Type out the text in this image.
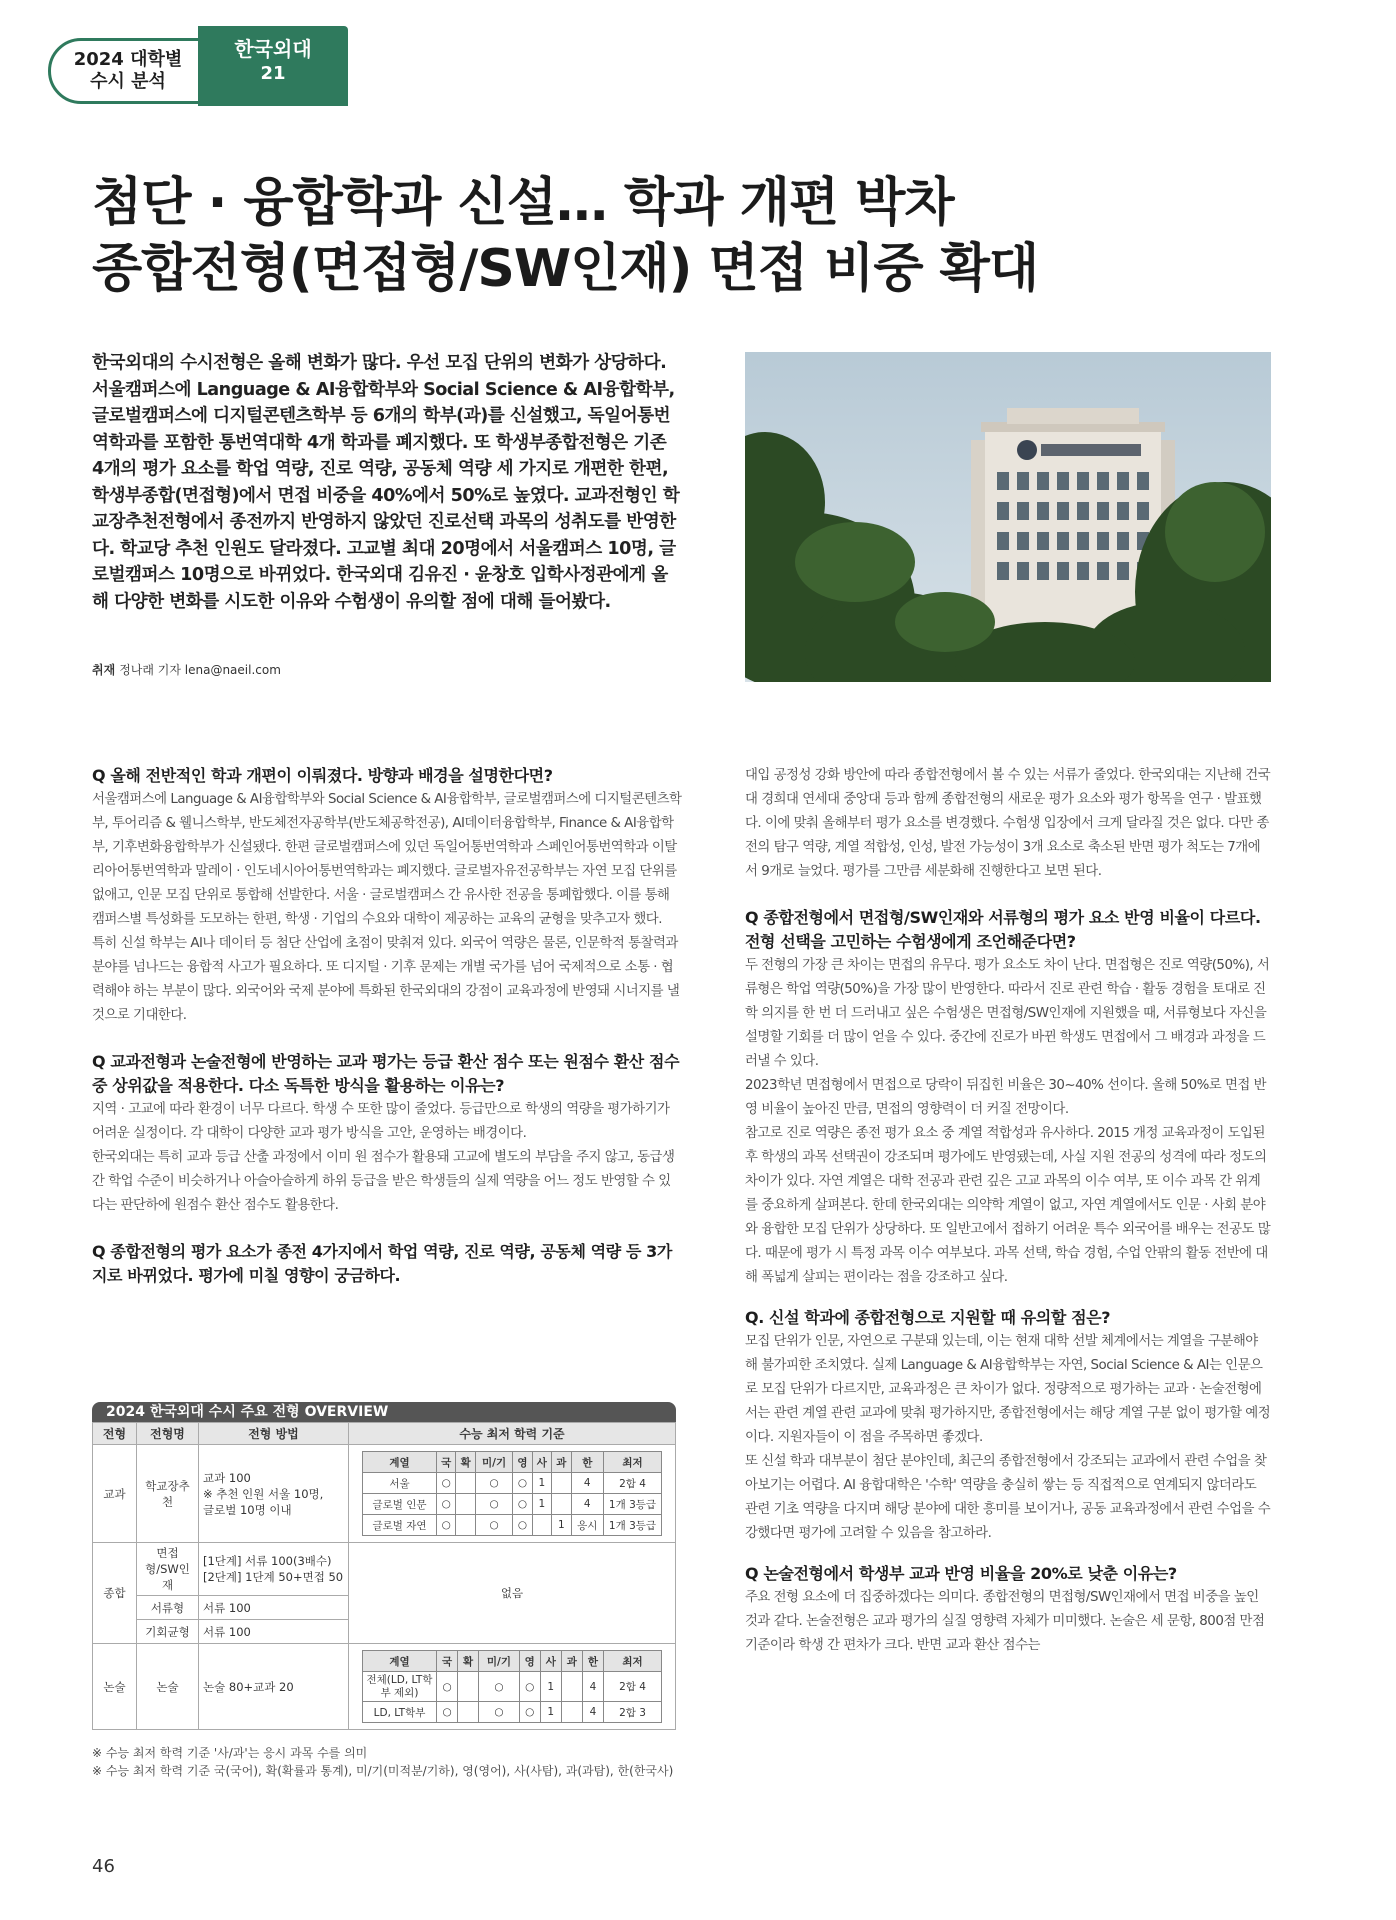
2024 대학별
수시 분석
한국외대
21
첨단 · 융합학과 신설… 학과 개편 박차
종합전형(면접형/SW인재) 면접 비중 확대

한국외대의 수시전형은 올해 변화가 많다. 우선 모집 단위의 변화가 상당하다. 서울캠퍼스에 Language & AI융합학부와 Social Science & AI융합학부, 글로벌캠퍼스에 디지털콘텐츠학부 등 6개의 학부(과)를 신설했고, 독일어통번역학과를 포함한 통번역대학 4개 학과를 폐지했다. 또 학생부종합전형은 기존 4개의 평가 요소를 학업 역량, 진로 역량, 공동체 역량 세 가지로 개편한 한편, 학생부종합(면접형)에서 면접 비중을 40%에서 50%로 높였다. 교과전형인 학교장추천전형에서 종전까지 반영하지 않았던 진로선택 과목의 성취도를 반영한다. 학교당 추천 인원도 달라졌다. 고교별 최대 20명에서 서울캠퍼스 10명, 글로벌캠퍼스 10명으로 바뀌었다. 한국외대 김유진 · 윤창호 입학사정관에게 올해 다양한 변화를 시도한 이유와 수험생이 유의할 점에 대해 들어봤다.

취재 정나래 기자 lena@naeil.com
Q 올해 전반적인 학과 개편이 이뤄졌다. 방향과 배경을 설명한다면?
서울캠퍼스에 Language & AI융합학부와 Social Science & AI융합학부, 글로벌캠퍼스에 디지털콘텐츠학부, 투어리즘 & 웰니스학부, 반도체전자공학부(반도체공학전공), AI데이터융합학부, Finance & AI융합학부, 기후변화융합학부가 신설됐다. 한편 글로벌캠퍼스에 있던 독일어통번역학과 스페인어통번역학과 이탈리아어통번역학과 말레이 · 인도네시아어통번역학과는 폐지했다. 글로벌자유전공학부는 자연 모집 단위를 없애고, 인문 모집 단위로 통합해 선발한다. 서울 · 글로벌캠퍼스 간 유사한 전공을 통폐합했다. 이를 통해 캠퍼스별 특성화를 도모하는 한편, 학생 · 기업의 수요와 대학이 제공하는 교육의 균형을 맞추고자 했다.
특히 신설 학부는 AI나 데이터 등 첨단 산업에 초점이 맞춰져 있다. 외국어 역량은 물론, 인문학적 통찰력과 분야를 넘나드는 융합적 사고가 필요하다. 또 디지털 · 기후 문제는 개별 국가를 넘어 국제적으로 소통 · 협력해야 하는 부분이 많다. 외국어와 국제 분야에 특화된 한국외대의 강점이 교육과정에 반영돼 시너지를 낼 것으로 기대한다.
Q 교과전형과 논술전형에 반영하는 교과 평가는 등급 환산 점수 또는 원점수 환산 점수 중 상위값을 적용한다. 다소 독특한 방식을 활용하는 이유는?
지역 · 고교에 따라 환경이 너무 다르다. 학생 수 또한 많이 줄었다. 등급만으로 학생의 역량을 평가하기가 어려운 실정이다. 각 대학이 다양한 교과 평가 방식을 고안, 운영하는 배경이다.
한국외대는 특히 교과 등급 산출 과정에서 이미 원 점수가 활용돼 고교에 별도의 부담을 주지 않고, 동급생 간 학업 수준이 비슷하거나 아슬아슬하게 하위 등급을 받은 학생들의 실제 역량을 어느 정도 반영할 수 있다는 판단하에 원점수 환산 점수도 활용한다.
Q 종합전형의 평가 요소가 종전 4가지에서 학업 역량, 진로 역량, 공동체 역량 등 3가지로 바뀌었다. 평가에 미칠 영향이 궁금하다.
대입 공정성 강화 방안에 따라 종합전형에서 볼 수 있는 서류가 줄었다. 한국외대는 지난해 건국대 경희대 연세대 중앙대 등과 함께 종합전형의 새로운 평가 요소와 평가 항목을 연구 · 발표했다. 이에 맞춰 올해부터 평가 요소를 변경했다. 수험생 입장에서 크게 달라질 것은 없다. 다만 종전의 탐구 역량, 계열 적합성, 인성, 발전 가능성이 3개 요소로 축소된 반면 평가 척도는 7개에서 9개로 늘었다. 평가를 그만큼 세분화해 진행한다고 보면 된다.
Q 종합전형에서 면접형/SW인재와 서류형의 평가 요소 반영 비율이 다르다. 전형 선택을 고민하는 수험생에게 조언해준다면?
두 전형의 가장 큰 차이는 면접의 유무다. 평가 요소도 차이 난다. 면접형은 진로 역량(50%), 서류형은 학업 역량(50%)을 가장 많이 반영한다. 따라서 진로 관련 학습 · 활동 경험을 토대로 진학 의지를 한 번 더 드러내고 싶은 수험생은 면접형/SW인재에 지원했을 때, 서류형보다 자신을 설명할 기회를 더 많이 얻을 수 있다. 중간에 진로가 바뀐 학생도 면접에서 그 배경과 과정을 드러낼 수 있다.
2023학년 면접형에서 면접으로 당락이 뒤집힌 비율은 30~40% 선이다. 올해 50%로 면접 반영 비율이 높아진 만큼, 면접의 영향력이 더 커질 전망이다.
참고로 진로 역량은 종전 평가 요소 중 계열 적합성과 유사하다. 2015 개정 교육과정이 도입된 후 학생의 과목 선택권이 강조되며 평가에도 반영됐는데, 사실 지원 전공의 성격에 따라 정도의 차이가 있다. 자연 계열은 대학 전공과 관련 깊은 고교 과목의 이수 여부, 또 이수 과목 간 위계를 중요하게 살펴본다. 한데 한국외대는 의약학 계열이 없고, 자연 계열에서도 인문 · 사회 분야와 융합한 모집 단위가 상당하다. 또 일반고에서 접하기 어려운 특수 외국어를 배우는 전공도 많다. 때문에 평가 시 특정 과목 이수 여부보다. 과목 선택, 학습 경험, 수업 안팎의 활동 전반에 대해 폭넓게 살피는 편이라는 점을 강조하고 싶다.
Q. 신설 학과에 종합전형으로 지원할 때 유의할 점은?
모집 단위가 인문, 자연으로 구분돼 있는데, 이는 현재 대학 선발 체계에서는 계열을 구분해야 해 불가피한 조치였다. 실제 Language & AI융합학부는 자연, Social Science & AI는 인문으로 모집 단위가 다르지만, 교육과정은 큰 차이가 없다. 정량적으로 평가하는 교과 · 논술전형에서는 관련 계열 관련 교과에 맞춰 평가하지만, 종합전형에서는 해당 계열 구분 없이 평가할 예정이다. 지원자들이 이 점을 주목하면 좋겠다.
또 신설 학과 대부분이 첨단 분야인데, 최근의 종합전형에서 강조되는 교과에서 관련 수업을 찾아보기는 어렵다. AI 융합대학은 '수학' 역량을 충실히 쌓는 등 직접적으로 연계되지 않더라도 관련 기초 역량을 다지며 해당 분야에 대한 흥미를 보이거나, 공동 교육과정에서 관련 수업을 수강했다면 평가에 고려할 수 있음을 참고하라.
Q 논술전형에서 학생부 교과 반영 비율을 20%로 낮춘 이유는?
주요 전형 요소에 더 집중하겠다는 의미다. 종합전형의 면접형/SW인재에서 면접 비중을 높인 것과 같다. 논술전형은 교과 평가의 실질 영향력 자체가 미미했다. 논술은 세 문항, 800점 만점 기준이라 학생 간 편차가 크다. 반면 교과 환산 점수는
2024 한국외대 수시 주요 전형 OVERVIEW
전형	전형명	전형 방법	수능 최저 학력 기준
교과	학교장추천	교과 100
※ 추천 인원 서울 10명,
글로벌 10명 이내	
계열	국	확	미/기	영	사	과	한	최저
서울	○		○	○	1		4	2합 4
글로벌 인문	○		○	○	1		4	1개 3등급
글로벌 자연	○		○	○		1	응시	1개 3등급

종합	면접형/SW인재	[1단계] 서류 100(3배수)
[2단계] 1단계 50+면접 50	없음
서류형	서류 100
기회균형	서류 100
논술	논술	논술 80+교과 20	
계열	국	확	미/기	영	사	과	한	최저
전체(LD, LT학부 제외)	○		○	○	1		4	2합 4
LD, LT학부	○		○	○	1		4	2합 3
※ 수능 최저 학력 기준 '사/과'는 응시 과목 수를 의미
※ 수능 최저 학력 기준 국(국어), 확(확률과 통계), 미/기(미적분/기하), 영(영어), 사(사탐), 과(과탐), 한(한국사)
46
